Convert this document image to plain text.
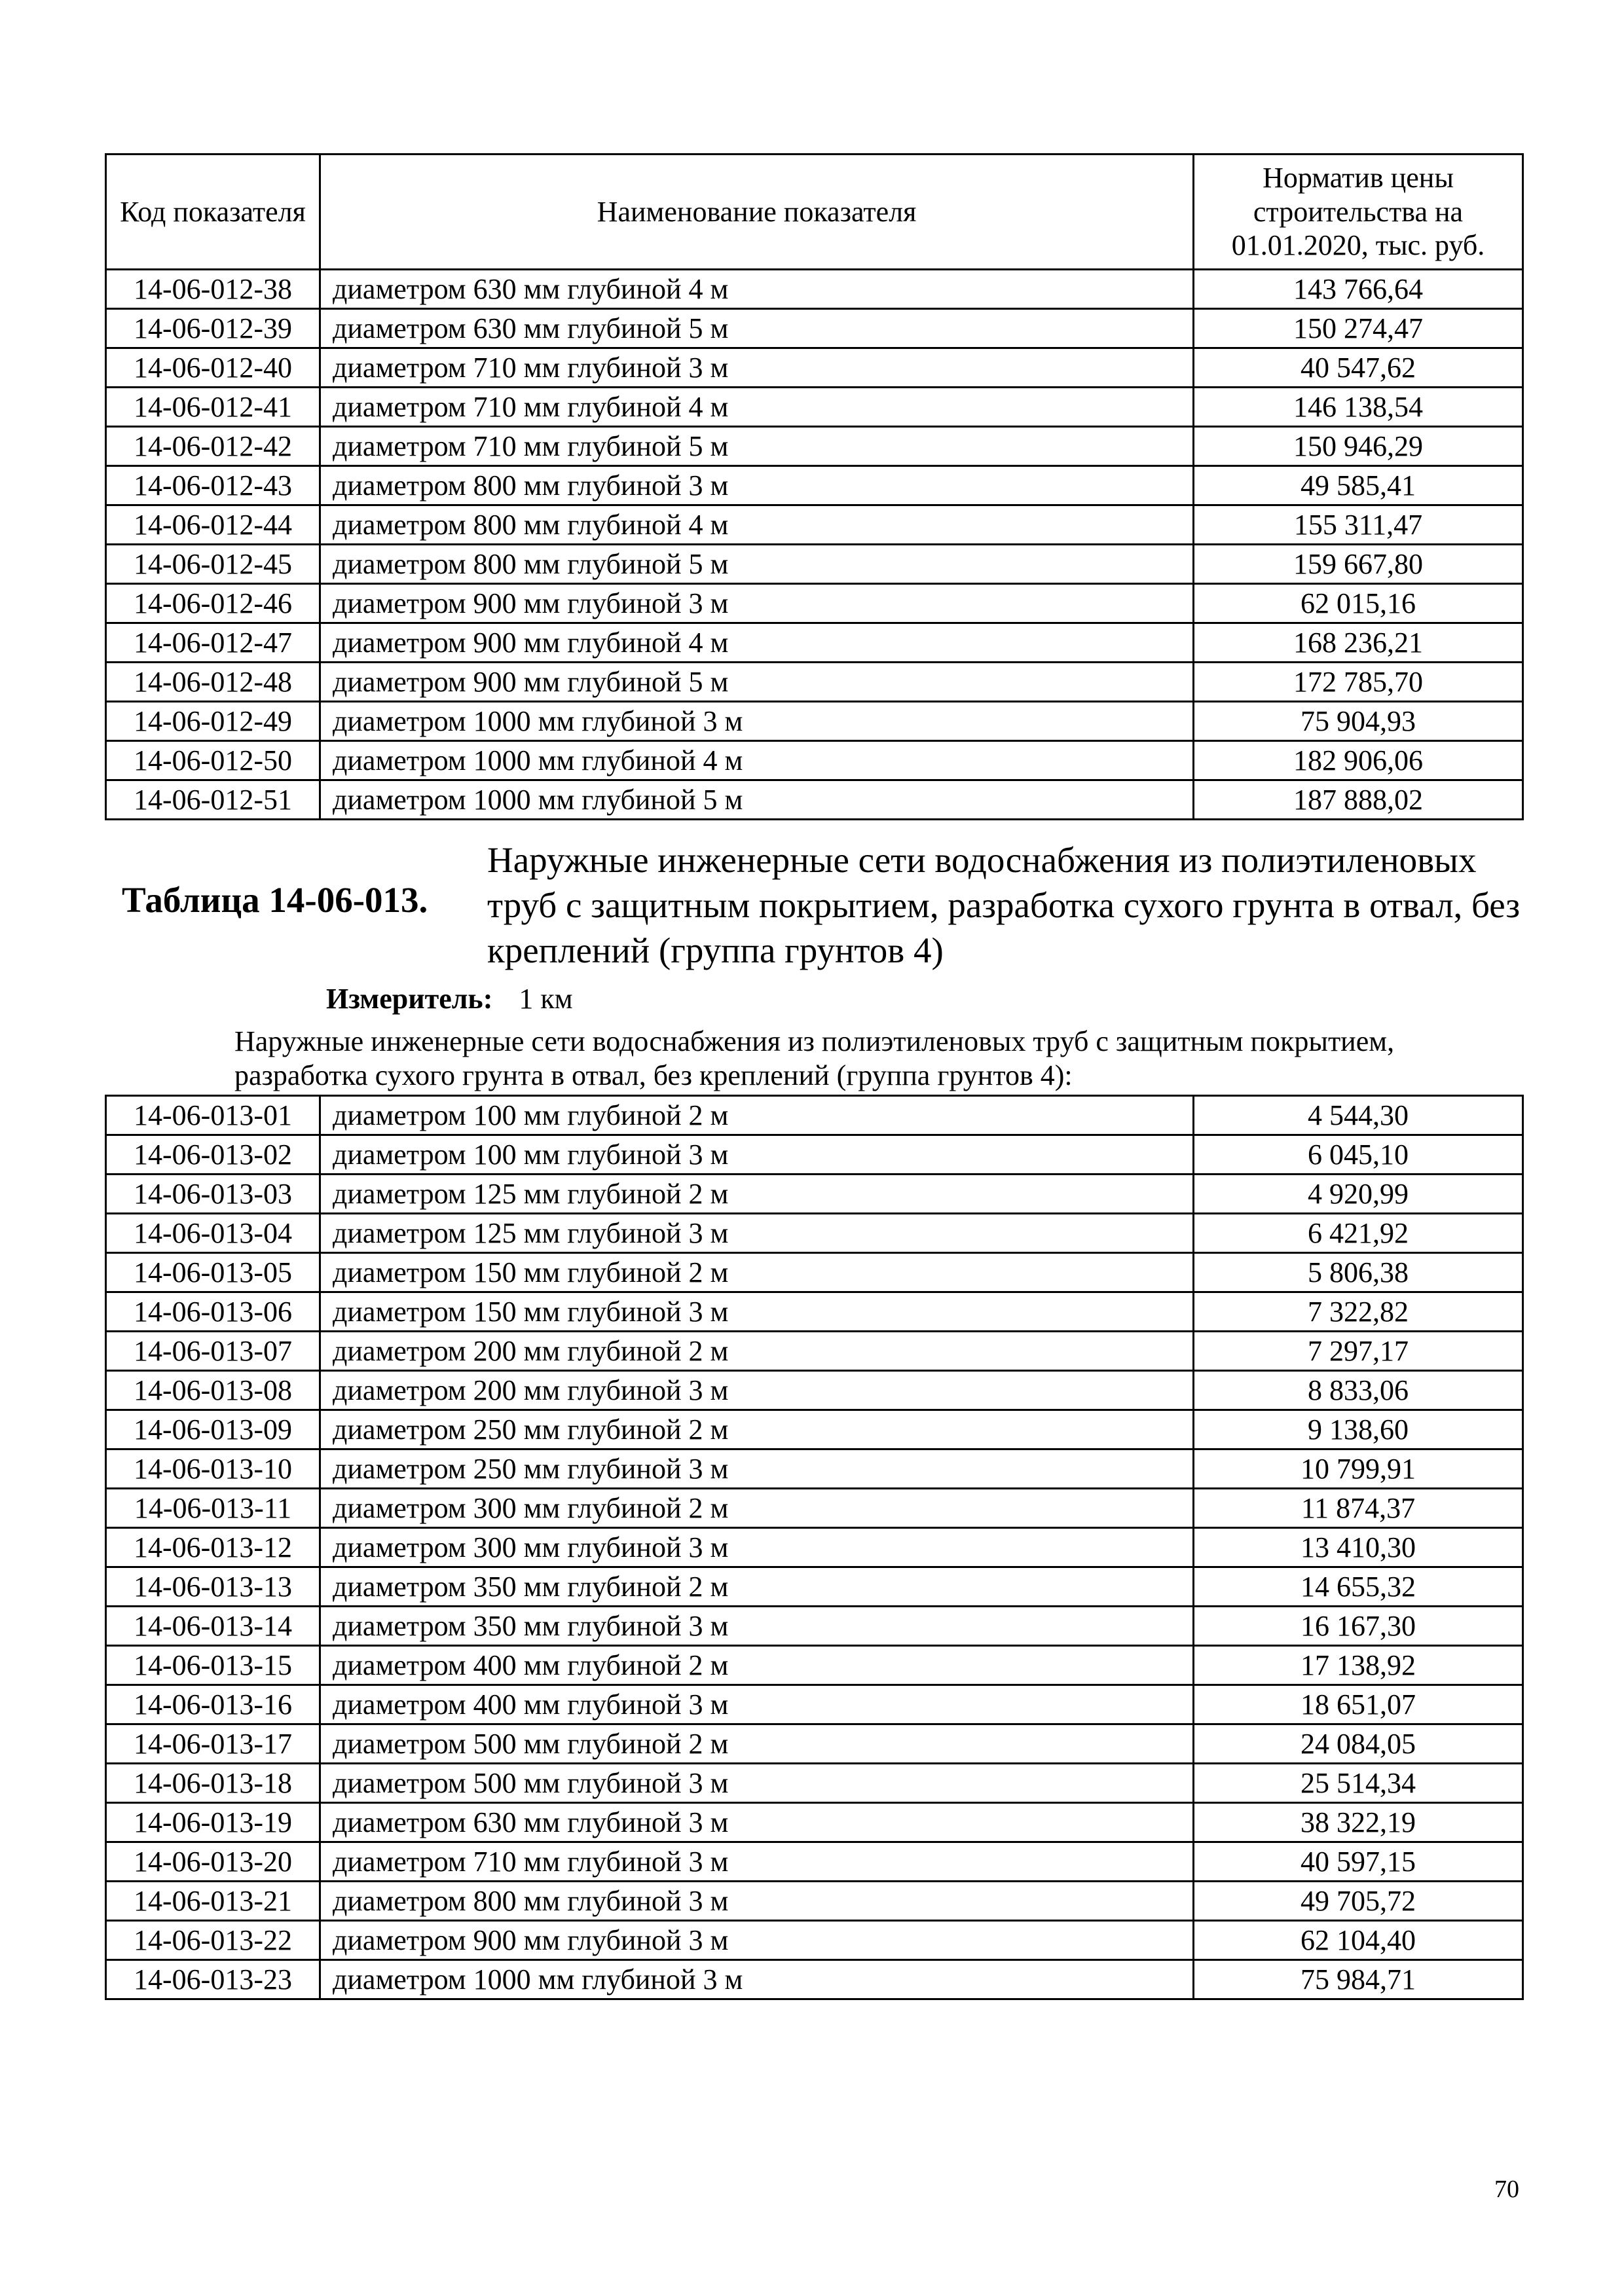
Код показателя	Наименование показателя	Норматив цены строительства на 01.01.2020, тыс. руб.
14-06-012-38	диаметром 630 мм глубиной 4 м	143 766,64
14-06-012-39	диаметром 630 мм глубиной 5 м	150 274,47
14-06-012-40	диаметром 710 мм глубиной 3 м	40 547,62
14-06-012-41	диаметром 710 мм глубиной 4 м	146 138,54
14-06-012-42	диаметром 710 мм глубиной 5 м	150 946,29
14-06-012-43	диаметром 800 мм глубиной 3 м	49 585,41
14-06-012-44	диаметром 800 мм глубиной 4 м	155 311,47
14-06-012-45	диаметром 800 мм глубиной 5 м	159 667,80
14-06-012-46	диаметром 900 мм глубиной 3 м	62 015,16
14-06-012-47	диаметром 900 мм глубиной 4 м	168 236,21
14-06-012-48	диаметром 900 мм глубиной 5 м	172 785,70
14-06-012-49	диаметром 1000 мм глубиной 3 м	75 904,93
14-06-012-50	диаметром 1000 мм глубиной 4 м	182 906,06
14-06-012-51	диаметром 1000 мм глубиной 5 м	187 888,02
Таблица 14-06-013.
Наружные инженерные сети водоснабжения из полиэтиленовых труб с защитным покрытием, разработка сухого грунта в отвал, без креплений (группа грунтов 4)
Измеритель: 1 км
Наружные инженерные сети водоснабжения из полиэтиленовых труб с защитным покрытием, разработка сухого грунта в отвал, без креплений (группа грунтов 4):
14-06-013-01	диаметром 100 мм глубиной 2 м	4 544,30
14-06-013-02	диаметром 100 мм глубиной 3 м	6 045,10
14-06-013-03	диаметром 125 мм глубиной 2 м	4 920,99
14-06-013-04	диаметром 125 мм глубиной 3 м	6 421,92
14-06-013-05	диаметром 150 мм глубиной 2 м	5 806,38
14-06-013-06	диаметром 150 мм глубиной 3 м	7 322,82
14-06-013-07	диаметром 200 мм глубиной 2 м	7 297,17
14-06-013-08	диаметром 200 мм глубиной 3 м	8 833,06
14-06-013-09	диаметром 250 мм глубиной 2 м	9 138,60
14-06-013-10	диаметром 250 мм глубиной 3 м	10 799,91
14-06-013-11	диаметром 300 мм глубиной 2 м	11 874,37
14-06-013-12	диаметром 300 мм глубиной 3 м	13 410,30
14-06-013-13	диаметром 350 мм глубиной 2 м	14 655,32
14-06-013-14	диаметром 350 мм глубиной 3 м	16 167,30
14-06-013-15	диаметром 400 мм глубиной 2 м	17 138,92
14-06-013-16	диаметром 400 мм глубиной 3 м	18 651,07
14-06-013-17	диаметром 500 мм глубиной 2 м	24 084,05
14-06-013-18	диаметром 500 мм глубиной 3 м	25 514,34
14-06-013-19	диаметром 630 мм глубиной 3 м	38 322,19
14-06-013-20	диаметром 710 мм глубиной 3 м	40 597,15
14-06-013-21	диаметром 800 мм глубиной 3 м	49 705,72
14-06-013-22	диаметром 900 мм глубиной 3 м	62 104,40
14-06-013-23	диаметром 1000 мм глубиной 3 м	75 984,71
70
